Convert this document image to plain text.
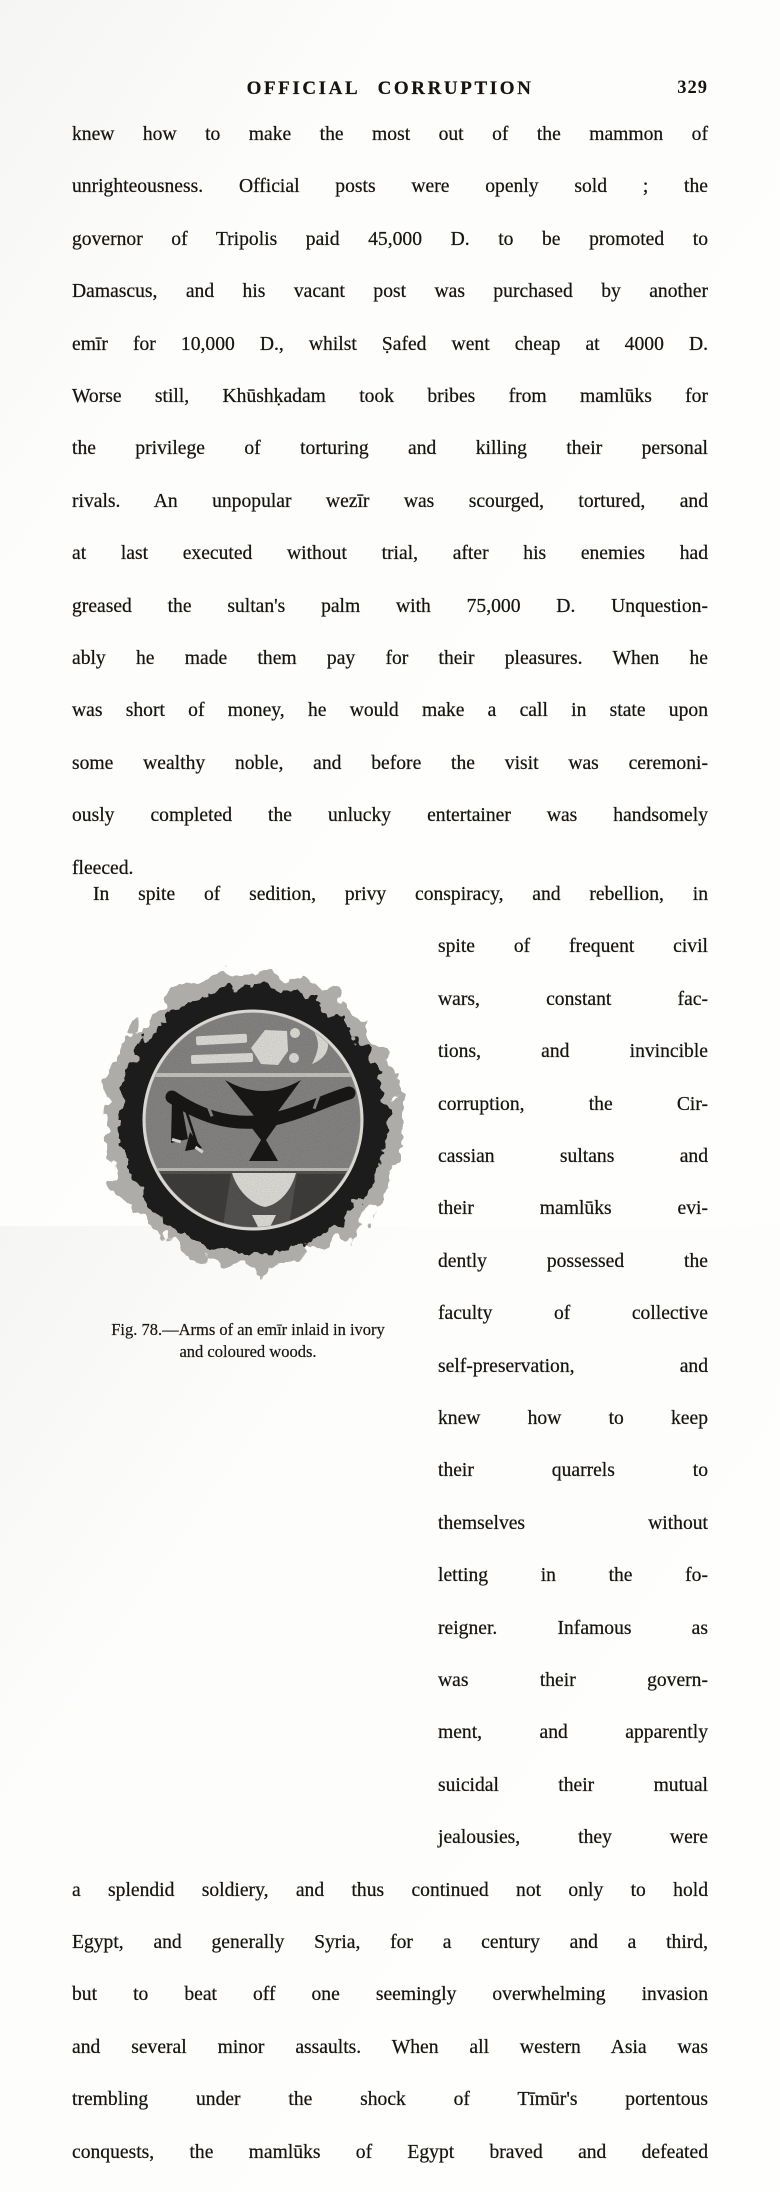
OFFICIAL CORRUPTION	329
knew how to make the most out of the mammon of
unrighteousness. Official posts were openly sold ; the
governor of Tripolis paid 45,000 D. to be promoted to
Damascus, and his vacant post was purchased by another
emīr for 10,000 D., whilst Ṣafed went cheap at 4000 D.
Worse still, Khūshḳadam took bribes from mamlūks for
the privilege of torturing and killing their personal
rivals. An unpopular wezīr was scourged, tortured, and
at last executed without trial, after his enemies had
greased the sultan's palm with 75,000 D. Unquestion-
ably he made them pay for their pleasures. When he
was short of money, he would make a call in state upon
some wealthy noble, and before the visit was ceremoni-
ously completed the unlucky entertainer was handsomely
fleeced.
In spite of sedition, privy conspiracy, and rebellion, in
Fig. 78.—Arms of an emīr inlaid in ivory
and coloured woods.
spite of frequent civil
wars, constant fac-
tions, and invincible
corruption, the Cir-
cassian sultans and
their mamlūks evi-
dently possessed the
faculty of collective
self-preservation, and
knew how to keep
their quarrels to
themselves without
letting in the fo-
reigner. Infamous as
was their govern-
ment, and apparently
suicidal their mutual
jealousies, they were
a splendid soldiery, and thus continued not only to hold
Egypt, and generally Syria, for a century and a third,
but to beat off one seemingly overwhelming invasion
and several minor assaults. When all western Asia was
trembling under the shock of Tīmūr's portentous
conquests, the mamlūks of Egypt braved and defeated
